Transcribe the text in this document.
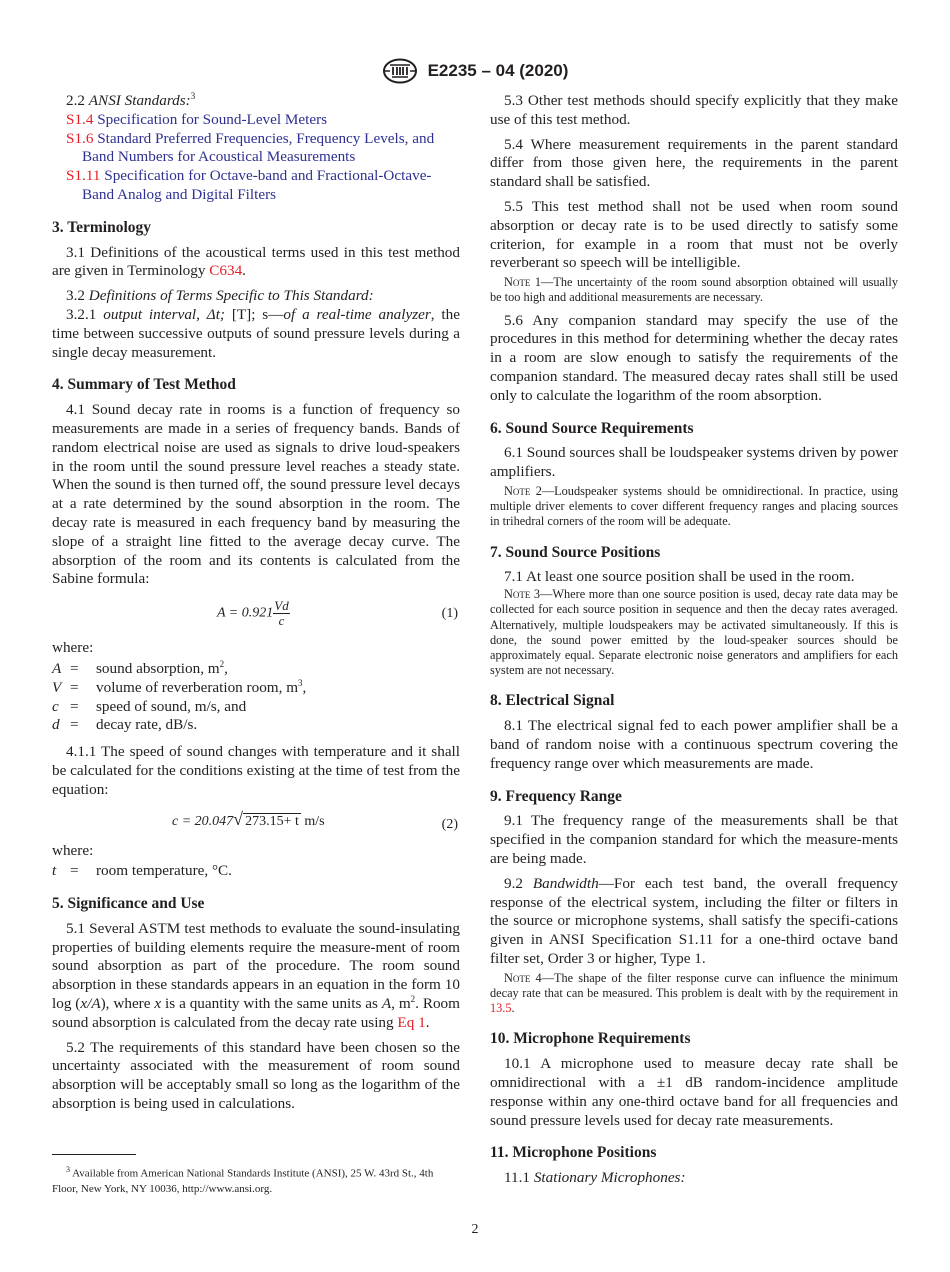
E2235 – 04 (2020)

2.2 ANSI Standards:$^3$

S1.4 Specification for Sound-Level Meters

S1.6 Standard Preferred Frequencies, Frequency Levels, and Band Numbers for Acoustical Measurements

S1.11 Specification for Octave-band and Fractional-Octave-Band Analog and Digital Filters

3. Terminology

3.1 Definitions of the acoustical terms used in this test method are given in Terminology C634.

3.2 Definitions of Terms Specific to This Standard:

3.2.1 output interval, Δt; [T]; s—of a real-time analyzer, the time between successive outputs of sound pressure levels during a single decay measurement.

4. Summary of Test Method

4.1 Sound decay rate in rooms is a function of frequency so measurements are made in a series of frequency bands. Bands of random electrical noise are used as signals to drive loud-speakers in the room until the sound pressure level reaches a steady state. When the sound is then turned off, the sound pressure level decays at a rate determined by the sound absorption in the room. The decay rate is measured in each frequency band by measuring the slope of a straight line fitted to the average decay curve. The absorption of the room and its contents is calculated from the Sabine formula:

$A = 0.921 \frac{Vd}{c}$	(1)

where:

A = sound absorption, $m^2$,
V = volume of reverberation room, $m^3$,
c = speed of sound, m/s, and
d = decay rate, dB/s.

4.1.1 The speed of sound changes with temperature and it shall be calculated for the conditions existing at the time of test from the equation:

c = 20.047√ 273.15+ t m/s	(2)

where:

t = room temperature, °C.
5. Significance and Use

5.1 Several ASTM test methods to evaluate the sound-insulating properties of building elements require the measure-ment of room sound absorption as part of the procedure. The room sound absorption in these standards appears in an equation in the form 10 log (x/A), where x is a quantity with the same units as A, $m^2$. Room sound absorption is calculated from the decay rate using Eq 1.

5.2 The requirements of this standard have been chosen so the uncertainty associated with the measurement of room sound absorption will be acceptably small so long as the logarithm of the absorption is being used in calculations.

$^3$ Available from American National Standards Institute (ANSI), 25 W. 43rd St., 4th Floor, New York, NY 10036, http://www.ansi.org.

5.3 Other test methods should specify explicitly that they make use of this test method.

5.4 Where measurement requirements in the parent standard differ from those given here, the requirements in the parent standard shall be satisfied.

5.5 This test method shall not be used when room sound absorption or decay rate is to be used directly to satisfy some criterion, for example in a room that must not be overly reverberant so speech will be intelligible.

Note 1—The uncertainty of the room sound absorption obtained will usually be too high and additional measurements are necessary.

5.6 Any companion standard may specify the use of the procedures in this method for determining whether the decay rates in a room are slow enough to satisfy the requirements of the companion standard. The measured decay rates shall still be used only to calculate the logarithm of the room absorption.

6. Sound Source Requirements

6.1 Sound sources shall be loudspeaker systems driven by power amplifiers.

Note 2—Loudspeaker systems should be omnidirectional. In practice, using multiple driver elements to cover different frequency ranges and placing sources in trihedral corners of the room will be adequate.

7. Sound Source Positions

7.1 At least one source position shall be used in the room.

Note 3—Where more than one source position is used, decay rate data may be collected for each source position in sequence and then the decay rates averaged. Alternatively, multiple loudspeakers may be activated simultaneously. If this is done, the sound power emitted by the loud-speaker sources should be approximately equal. Separate electronic noise generators and amplifiers for each system are not necessary.

8. Electrical Signal

8.1 The electrical signal fed to each power amplifier shall be a band of random noise with a continuous spectrum covering the frequency range over which measurements are made.

9. Frequency Range

9.1 The frequency range of the measurements shall be that specified in the companion standard for which the measure-ments are being made.

9.2 Bandwidth—For each test band, the overall frequency response of the electrical system, including the filter or filters in the source or microphone systems, shall satisfy the specifi-cations given in ANSI Specification S1.11 for a one-third octave band filter set, Order 3 or higher, Type 1.

Note 4—The shape of the filter response curve can influence the minimum decay rate that can be measured. This problem is dealt with by the requirement in 13.5.

10. Microphone Requirements

10.1 A microphone used to measure decay rate shall be omnidirectional with a ±1 dB random-incidence amplitude response within any one-third octave band for all frequencies and sound pressure levels used for decay rate measurements.

11. Microphone Positions

11.1 Stationary Microphones:

2
